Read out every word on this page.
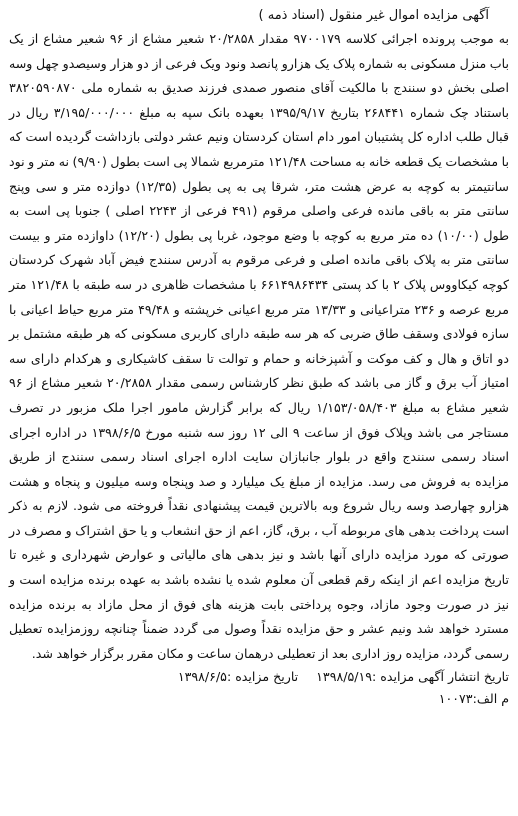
آگهی مزایده اموال غیر منقول (اسناد ذمه )

به موجب پرونده اجرائی کلاسه ۹۷۰۰۱۷۹ مقدار ۲۰/۲۸۵۸ شعیر مشاع از ۹۶ شعیر مشاع از یک باب منزل مسکونی به شماره پلاک یک هزارو پانصد ونود ویک فرعی از دو هزار وسیصدو چهل وسه اصلی بخش دو سنندج با مالکیت آقای منصور صمدی فرزند صدیق به شماره ملی ۳۸۲۰۵۹۰۸۷۰ باستناد چک شماره ۲۶۸۴۴۱ بتاریخ ۱۳۹۵/۹/۱۷ بعهده بانک سپه به مبلغ ۳/۱۹۵/۰۰۰/۰۰۰ ریال در قبال طلب اداره کل پشتیبان امور دام استان کردستان ونیم عشر دولتی بازداشت گردیده است که با مشخصات یک قطعه خانه به مساحت ۱۲۱/۴۸ مترمربع شمالا پی است بطول (۹/۹۰) نه متر و نود سانتیمتر به کوچه به عرض هشت متر، شرقا پی به پی بطول (۱۲/۳۵) دوازده متر و سی وپنج سانتی متر به باقی مانده فرعی واصلی مرقوم (۴۹۱ فرعی از ۲۲۴۳ اصلی ) جنوبا پی است به طول (۱۰/۰۰) ده متر مربع به کوچه با وضع موجود، غربا پی بطول (۱۲/۲۰) داوازده متر و بیست سانتی متر به پلاک باقی مانده اصلی و فرعی مرقوم به آدرس سنندج فیض آباد شهرک کردستان کوچه کیکاووس پلاک ۲ با کد پستی ۶۶۱۴۹۸۶۴۳۴ با مشخصات ظاهری در سه طبقه با ۱۲۱/۴۸ متر مربع عرصه و ۲۳۶ متراعیانی و ۱۳/۳۳ متر مربع اعیانی خرپشته و ۴۹/۴۸ متر مربع حیاط اعیانی با سازه فولادی وسقف طاق ضربی که هر سه طبقه دارای کاربری مسکونی که هر طبقه مشتمل بر دو اتاق و هال و کف موکت و آشپزخانه و حمام و توالت تا سقف کاشیکاری و هرکدام دارای سه امتیاز آب برق و گاز می باشد که طبق نظر کارشناس رسمی مقدار ۲۰/۲۸۵۸ شعیر مشاع از ۹۶ شعیر مشاع به مبلغ ۱/۱۵۳/۰۵۸/۴۰۳ ریال که برابر گزارش مامور اجرا ملک مزبور در تصرف مستاجر می باشد وپلاک فوق از ساعت ۹ الی ۱۲ روز سه شنبه مورخ ۱۳۹۸/۶/۵ در اداره اجرای اسناد رسمی سنندج واقع در بلوار جانبازان سایت اداره اجرای اسناد رسمی سنندج از طریق مزایده به فروش می رسد. مزایده از مبلغ یک میلیارد و صد وپنجاه وسه میلیون و پنجاه و هشت هزارو چهارصد وسه ریال شروع وبه بالاترین قیمت پیشنهادی نقداً فروخته می شود. لازم به ذکر است پرداخت بدهی های مربوطه آب ، برق، گاز، اعم از حق انشعاب و یا حق اشتراک و مصرف در صورتی که مورد مزایده دارای آنها باشد و نیز بدهی های مالیاتی و عوارض شهرداری و غیره تا تاریخ مزایده اعم از اینکه رقم قطعی آن معلوم شده یا نشده باشد به عهده برنده مزایده است و نیز در صورت وجود مازاد، وجوه پرداختی بابت هزینه های فوق از محل مازاد به برنده مزایده مسترد خواهد شد ونیم عشر و حق مزایده نقداً وصول می گردد ضمناً چنانچه روزمزایده تعطیل رسمی گردد، مزایده روز اداری بعد از تعطیلی درهمان ساعت و مکان مقرر برگزار خواهد شد.

تاریخ انتشار آگهی مزایده :۱۳۹۸/۵/۱۹
تاریخ مزایده :۱۳۹۸/۶/۵
م الف:۱۰۰۷۳
